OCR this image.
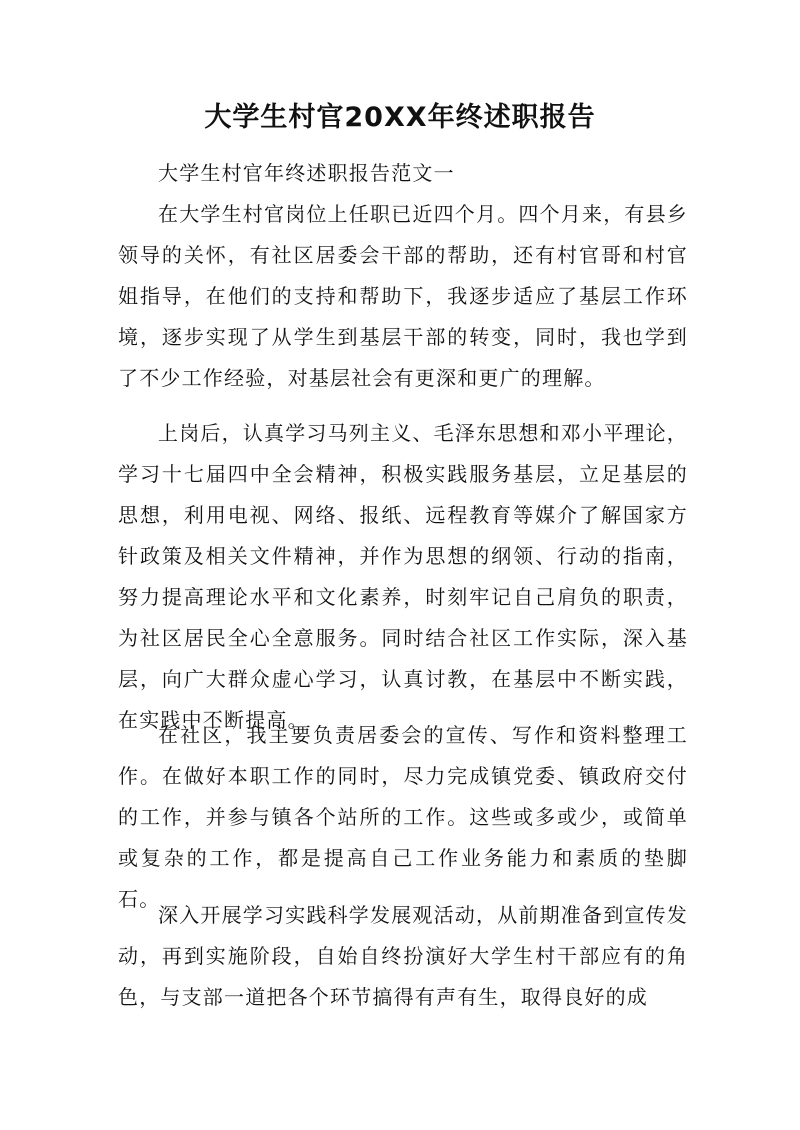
大学生村官20XX年终述职报告

大学生村官年终述职报告范文一

在大学生村官岗位上任职已近四个月。四个月来，有县乡领导的关怀，有社区居委会干部的帮助，还有村官哥和村官姐指导，在他们的支持和帮助下，我逐步适应了基层工作环境，逐步实现了从学生到基层干部的转变，同时，我也学到了不少工作经验，对基层社会有更深和更广的理解。

上岗后，认真学习马列主义、毛泽东思想和邓小平理论，学习十七届四中全会精神，积极实践服务基层，立足基层的思想，利用电视、网络、报纸、远程教育等媒介了解国家方针政策及相关文件精神，并作为思想的纲领、行动的指南，努力提高理论水平和文化素养，时刻牢记自己肩负的职责，为社区居民全心全意服务。同时结合社区工作实际，深入基层，向广大群众虚心学习，认真讨教，在基层中不断实践，在实践中不断提高。

在社区，我主要负责居委会的宣传、写作和资料整理工作。在做好本职工作的同时，尽力完成镇党委、镇政府交付的工作，并参与镇各个站所的工作。这些或多或少，或简单或复杂的工作，都是提高自己工作业务能力和素质的垫脚石。

深入开展学习实践科学发展观活动，从前期准备到宣传发动，再到实施阶段，自始自终扮演好大学生村干部应有的角色，与支部一道把各个环节搞得有声有生，取得良好的成
